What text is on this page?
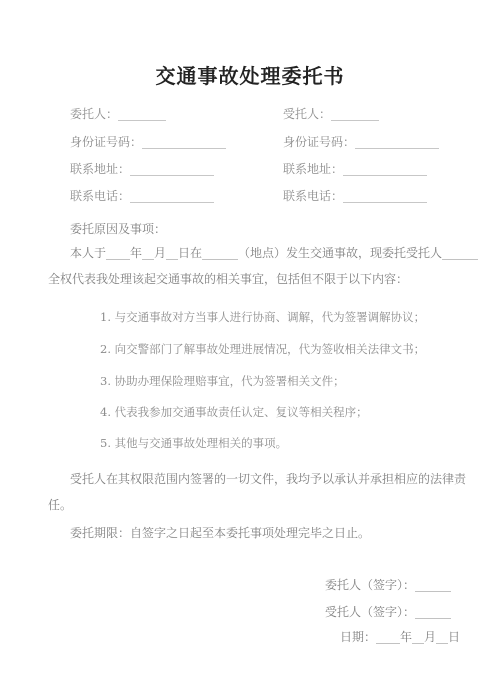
交通事故处理委托书
委托人：________	受托人：________
身份证号码：______________	身份证号码：______________
联系地址：______________	联系地址：______________
联系电话：______________	联系电话：______________
委托原因及事项：
本人于____年__月__日在______（地点）发生交通事故，现委托受托人______
全权代表我处理该起交通事故的相关事宜，包括但不限于以下内容：
1. 与交通事故对方当事人进行协商、调解，代为签署调解协议；
2. 向交警部门了解事故处理进展情况，代为签收相关法律文书；
3. 协助办理保险理赔事宜，代为签署相关文件；
4. 代表我参加交通事故责任认定、复议等相关程序；
5. 其他与交通事故处理相关的事项。
受托人在其权限范围内签署的一切文件，我均予以承认并承担相应的法律责
任。
委托期限：自签字之日起至本委托事项处理完毕之日止。
委托人（签字）：______
受托人（签字）：______
日期：____年__月__日
